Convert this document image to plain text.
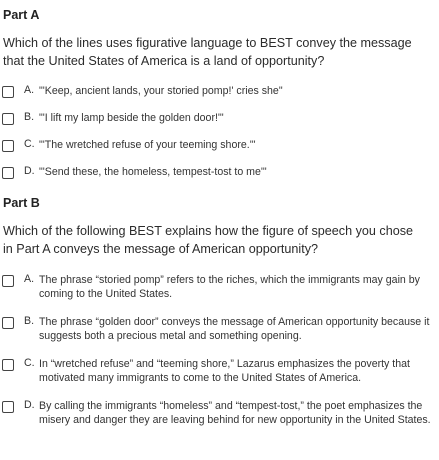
Part A
Which of the lines uses figurative language to BEST convey the message that the United States of America is a land of opportunity?
A. "'Keep, ancient lands, your storied pomp!' cries she"
B. "'I lift my lamp beside the golden door!'"
C. "'The wretched refuse of your teeming shore.'"
D. "'Send these, the homeless, tempest-tost to me'"
Part B
Which of the following BEST explains how the figure of speech you chose in Part A conveys the message of American opportunity?
A. The phrase “storied pomp” refers to the riches, which the immigrants may gain by coming to the United States.
B. The phrase “golden door” conveys the message of American opportunity because it suggests both a precious metal and something opening.
C. In “wretched refuse” and “teeming shore,” Lazarus emphasizes the poverty that motivated many immigrants to come to the United States of America.
D. By calling the immigrants “homeless” and “tempest-tost,” the poet emphasizes the misery and danger they are leaving behind for new opportunity in the United States.
